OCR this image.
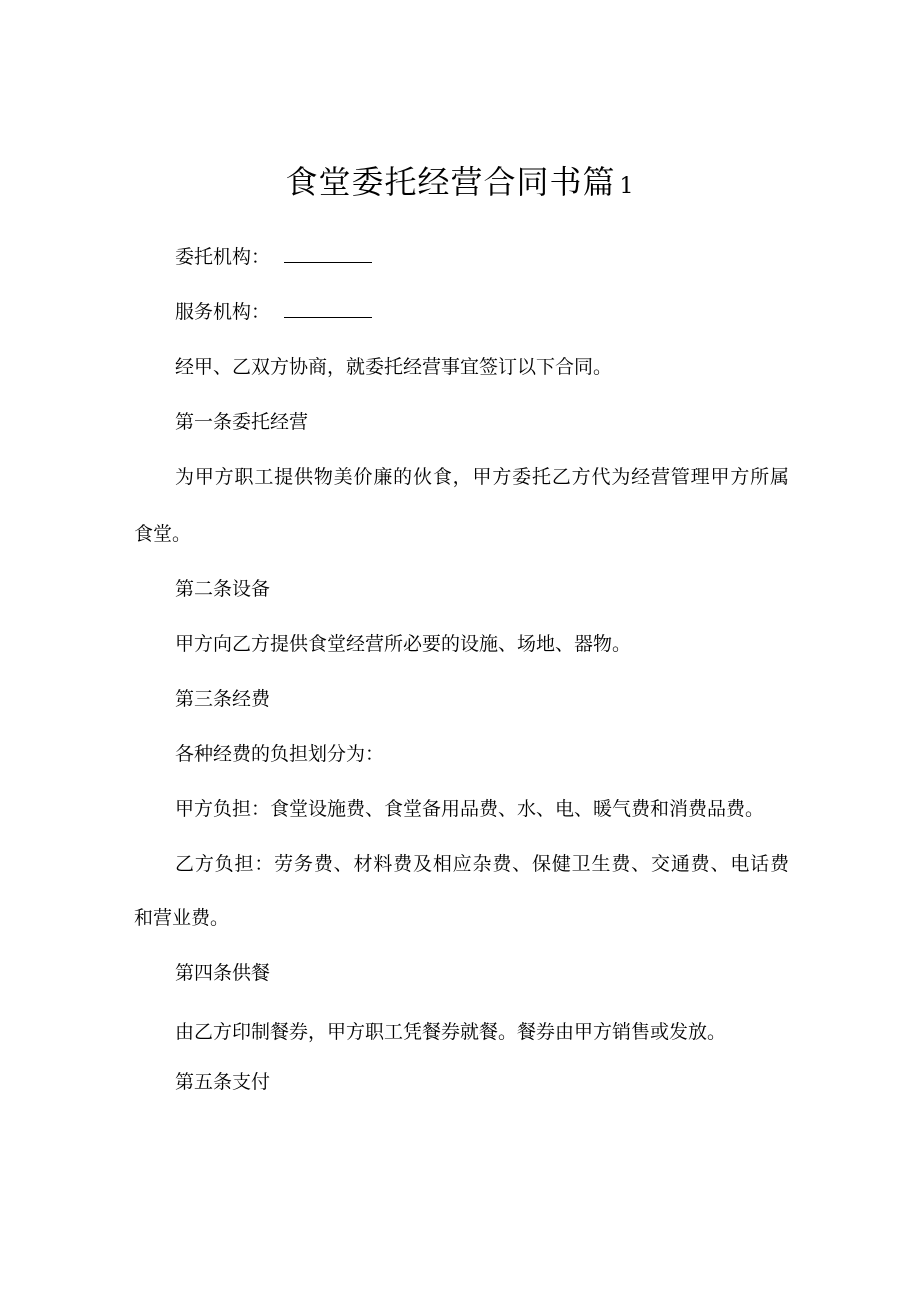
食堂委托经营合同书篇 1
委托机构：
服务机构：
经甲、乙双方协商，就委托经营事宜签订以下合同。
第一条委托经营
为甲方职工提供物美价廉的伙食，甲方委托乙方代为经营管理甲方所属
食堂。
第二条设备
甲方向乙方提供食堂经营所必要的设施、场地、器物。
第三条经费
各种经费的负担划分为：
甲方负担：食堂设施费、食堂备用品费、水、电、暖气费和消费品费。
乙方负担：劳务费、材料费及相应杂费、保健卫生费、交通费、电话费
和营业费。
第四条供餐
由乙方印制餐券，甲方职工凭餐券就餐。餐券由甲方销售或发放。
第五条支付
